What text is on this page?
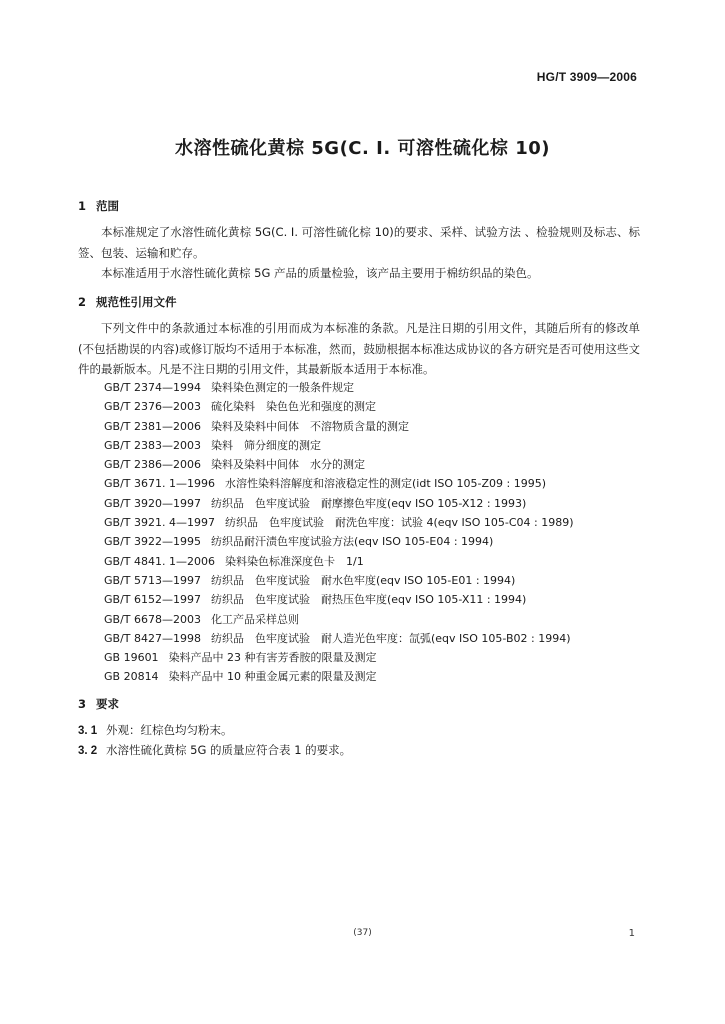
HG/T 3909—2006
水溶性硫化黄棕 5G(C. I. 可溶性硫化棕 10)
1 范围
本标准规定了水溶性硫化黄棕 5G(C. I. 可溶性硫化棕 10)的要求、采样、试验方法 、检验规则及标志、标签、包装、运输和贮存。
本标准适用于水溶性硫化黄棕 5G 产品的质量检验，该产品主要用于棉纺织品的染色。
2 规范性引用文件
下列文件中的条款通过本标准的引用而成为本标准的条款。凡是注日期的引用文件，其随后所有的修改单(不包括勘误的内容)或修订版均不适用于本标准，然而，鼓励根据本标准达成协议的各方研究是否可使用这些文件的最新版本。凡是不注日期的引用文件，其最新版本适用于本标准。
GB/T 2374—1994 染料染色测定的一般条件规定
GB/T 2376—2003 硫化染料　染色色光和强度的测定
GB/T 2381—2006 染料及染料中间体　不溶物质含量的测定
GB/T 2383—2003 染料　筛分细度的测定
GB/T 2386—2006 染料及染料中间体　水分的测定
GB/T 3671. 1—1996 水溶性染料溶解度和溶液稳定性的测定(idt ISO 105-Z09 : 1995)
GB/T 3920—1997 纺织品　色牢度试验　耐摩擦色牢度(eqv ISO 105-X12 : 1993)
GB/T 3921. 4—1997 纺织品　色牢度试验　耐洗色牢度：试验 4(eqv ISO 105-C04 : 1989)
GB/T 3922—1995 纺织品耐汗渍色牢度试验方法(eqv ISO 105-E04 : 1994)
GB/T 4841. 1—2006 染料染色标准深度色卡　1/1
GB/T 5713—1997 纺织品　色牢度试验　耐水色牢度(eqv ISO 105-E01 : 1994)
GB/T 6152—1997 纺织品　色牢度试验　耐热压色牢度(eqv ISO 105-X11 : 1994)
GB/T 6678—2003 化工产品采样总则
GB/T 8427—1998 纺织品　色牢度试验　耐人造光色牢度：氙弧(eqv ISO 105-B02 : 1994)
GB 19601 染料产品中 23 种有害芳香胺的限量及测定
GB 20814 染料产品中 10 种重金属元素的限量及测定
3 要求
3. 1 外观：红棕色均匀粉末。
3. 2 水溶性硫化黄棕 5G 的质量应符合表 1 的要求。
(37)	1
